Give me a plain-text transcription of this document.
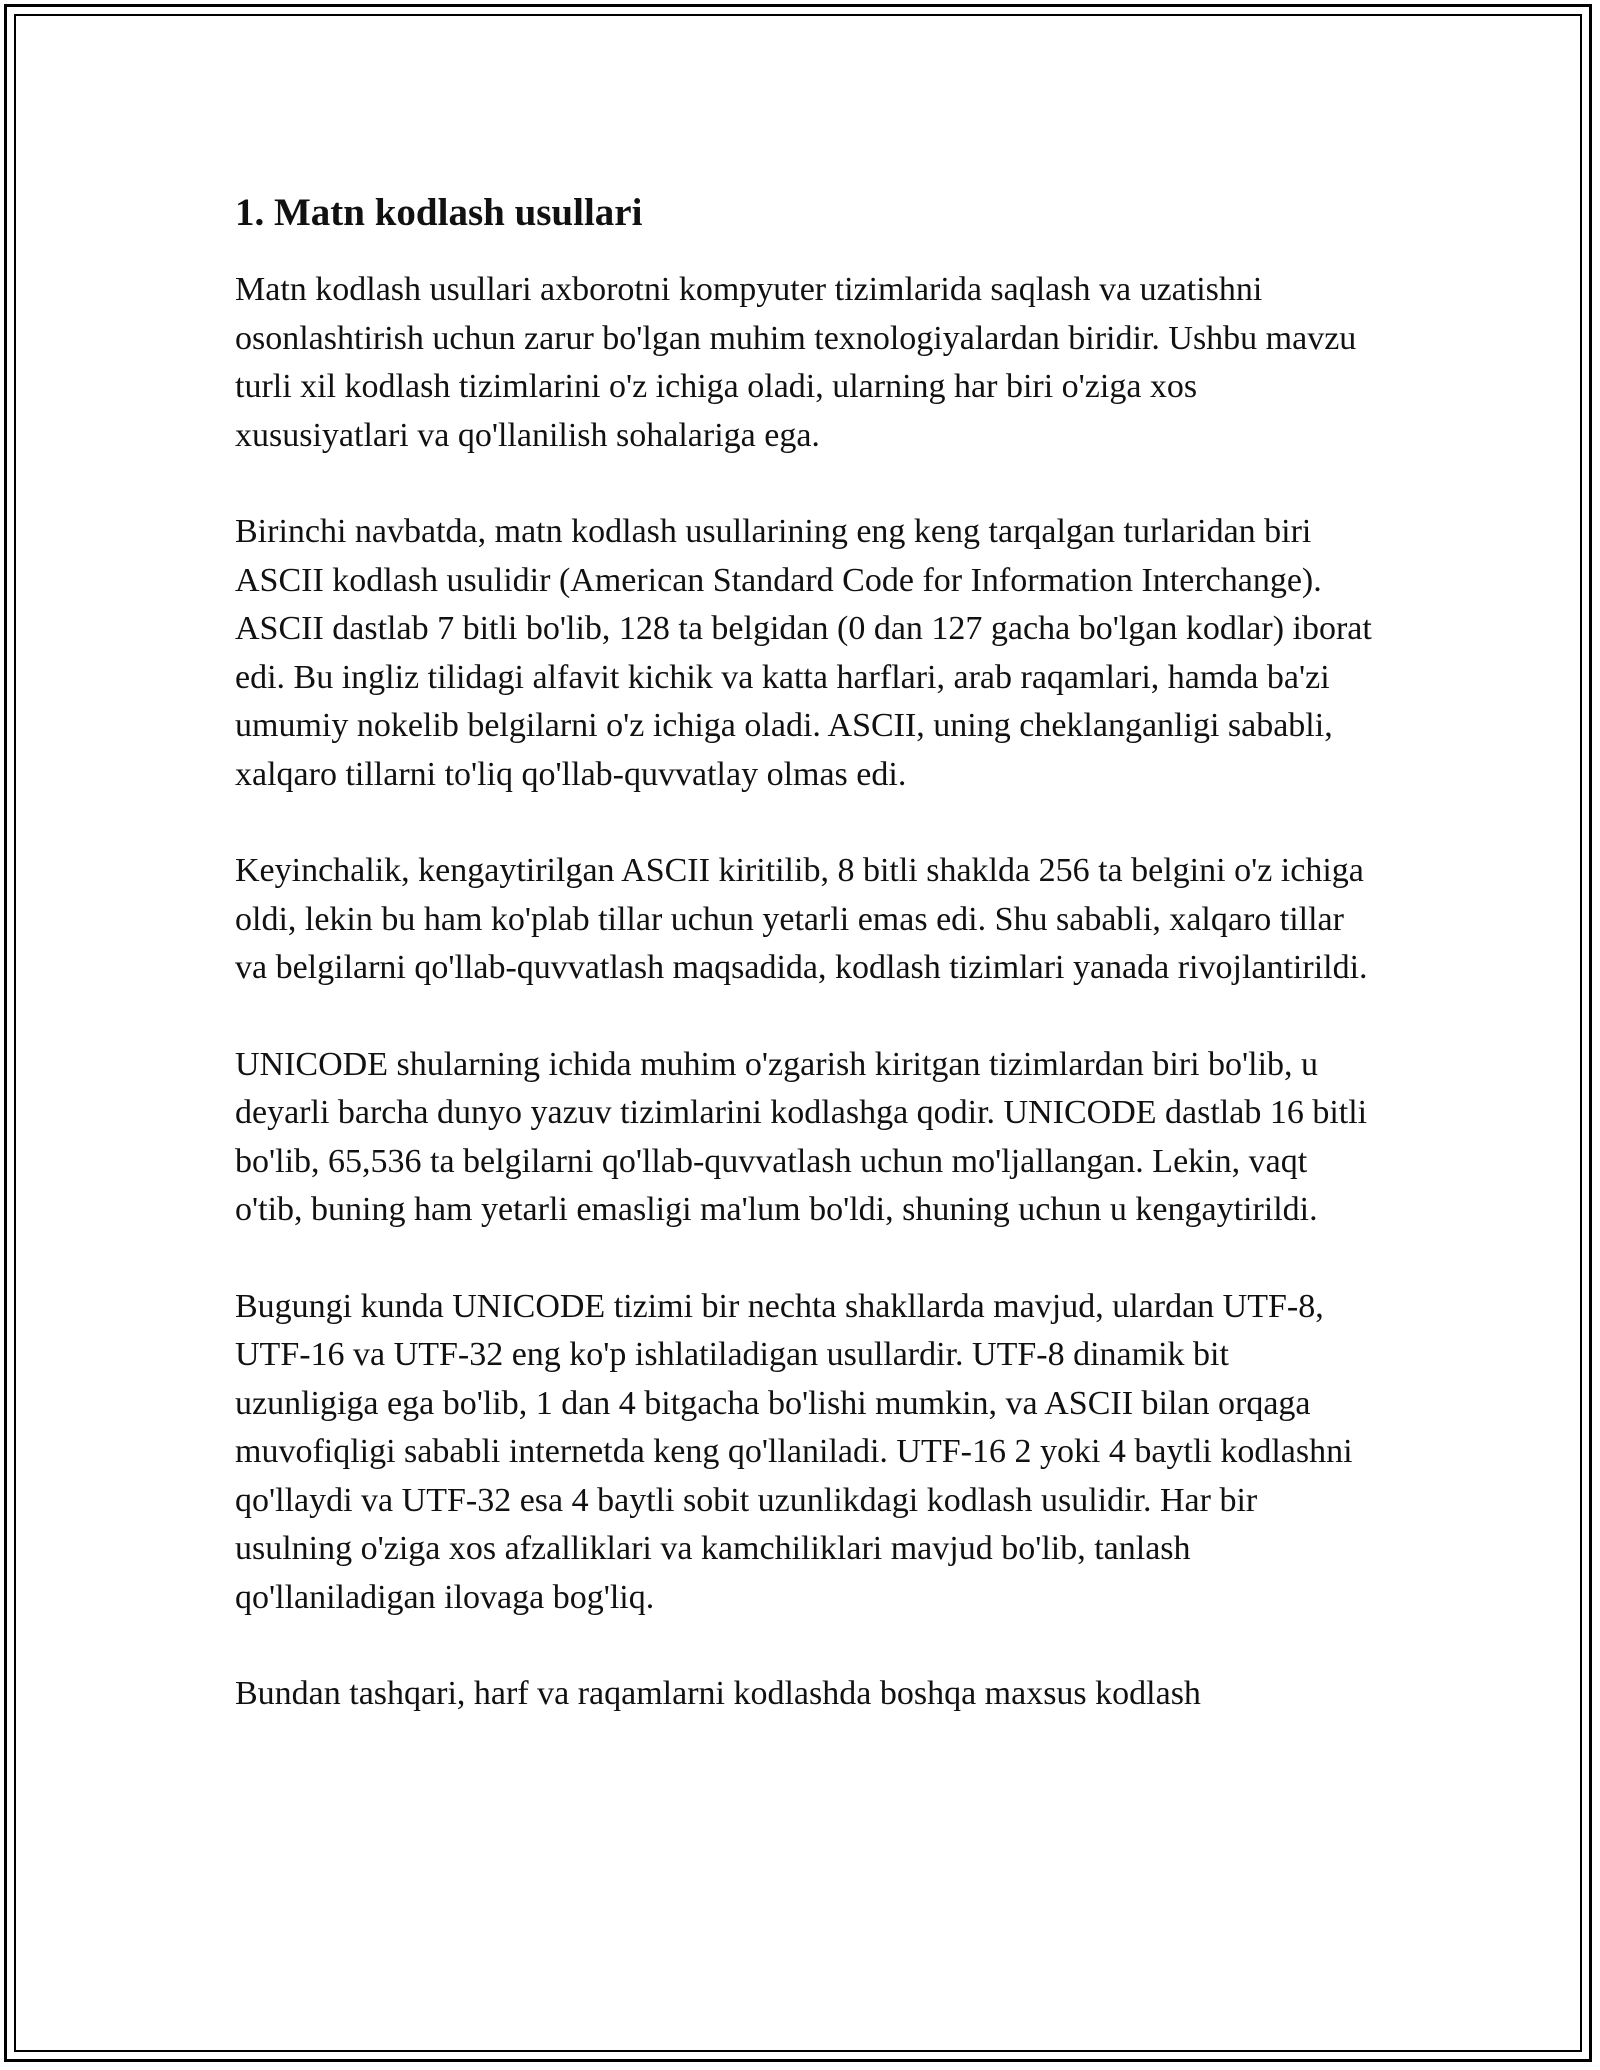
1. Matn kodlash usullari

Matn kodlash usullari axborotni kompyuter tizimlarida saqlash va uzatishni osonlashtirish uchun zarur bo'lgan muhim texnologiyalardan biridir. Ushbu mavzu turli xil kodlash tizimlarini o'z ichiga oladi, ularning har biri o'ziga xos xususiyatlari va qo'llanilish sohalariga ega.

Birinchi navbatda, matn kodlash usullarining eng keng tarqalgan turlaridan biri ASCII kodlash usulidir (American Standard Code for Information Interchange). ASCII dastlab 7 bitli bo'lib, 128 ta belgidan (0 dan 127 gacha bo'lgan kodlar) iborat edi. Bu ingliz tilidagi alfavit kichik va katta harflari, arab raqamlari, hamda ba'zi umumiy nokelib belgilarni o'z ichiga oladi. ASCII, uning cheklanganligi sababli, xalqaro tillarni to'liq qo'llab-quvvatlay olmas edi.

Keyinchalik, kengaytirilgan ASCII kiritilib, 8 bitli shaklda 256 ta belgini o'z ichiga oldi, lekin bu ham ko'plab tillar uchun yetarli emas edi. Shu sababli, xalqaro tillar va belgilarni qo'llab-quvvatlash maqsadida, kodlash tizimlari yanada rivojlantirildi.

UNICODE shularning ichida muhim o'zgarish kiritgan tizimlardan biri bo'lib, u deyarli barcha dunyo yazuv tizimlarini kodlashga qodir. UNICODE dastlab 16 bitli bo'lib, 65,536 ta belgilarni qo'llab-quvvatlash uchun mo'ljallangan. Lekin, vaqt o'tib, buning ham yetarli emasligi ma'lum bo'ldi, shuning uchun u kengaytirildi.

Bugungi kunda UNICODE tizimi bir nechta shakllarda mavjud, ulardan UTF-8, UTF-16 va UTF-32 eng ko'p ishlatiladigan usullardir. UTF-8 dinamik bit uzunligiga ega bo'lib, 1 dan 4 bitgacha bo'lishi mumkin, va ASCII bilan orqaga muvofiqligi sababli internetda keng qo'llaniladi. UTF-16 2 yoki 4 baytli kodlashni qo'llaydi va UTF-32 esa 4 baytli sobit uzunlikdagi kodlash usulidir. Har bir usulning o'ziga xos afzalliklari va kamchiliklari mavjud bo'lib, tanlash qo'llaniladigan ilovaga bog'liq.

Bundan tashqari, harf va raqamlarni kodlashda boshqa maxsus kodlash
